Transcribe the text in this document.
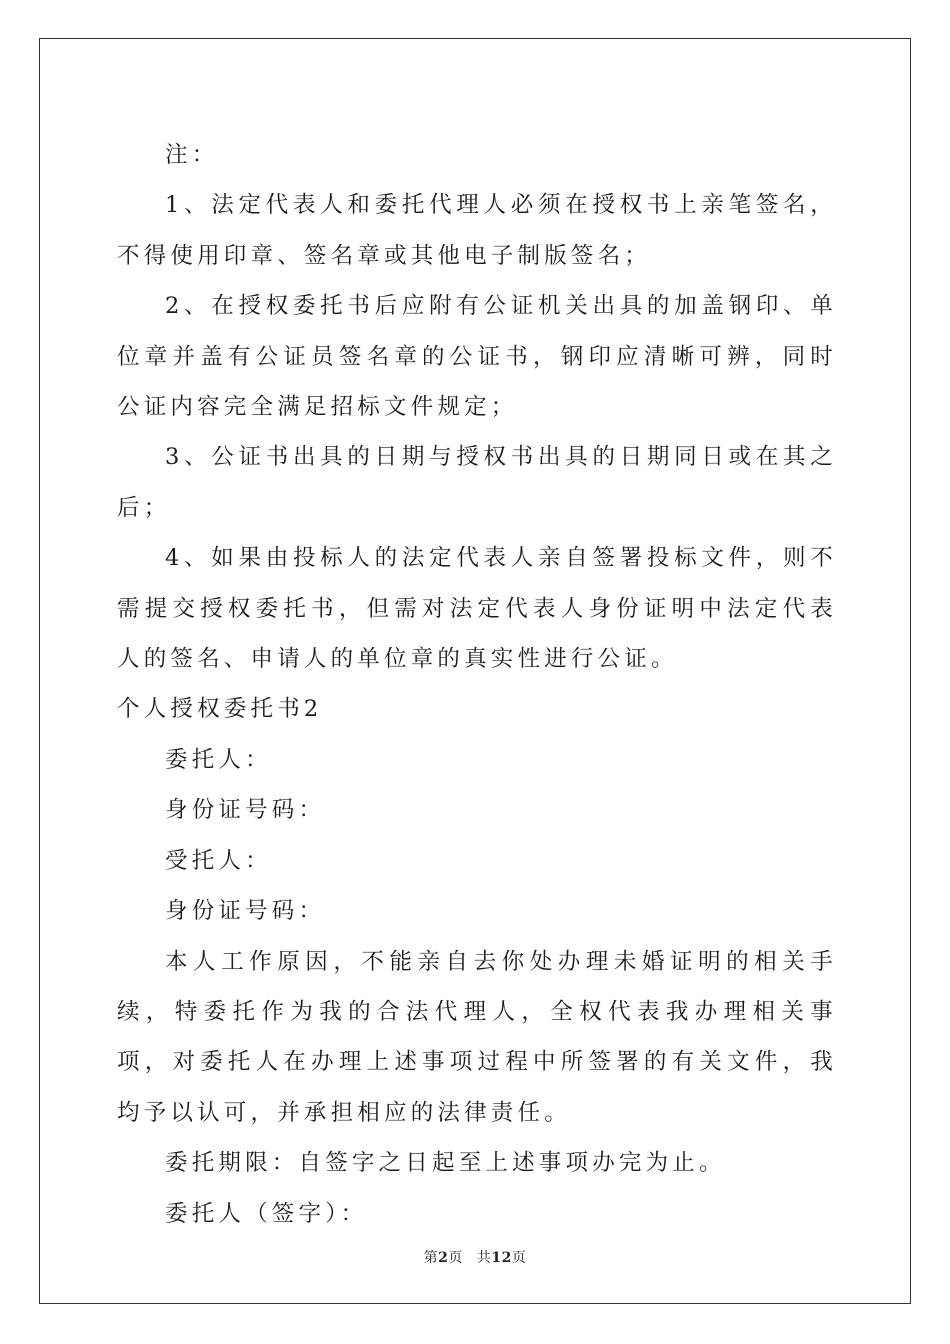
注：

1、法定代表人和委托代理人必须在授权书上亲笔签名，不得使用印章、签名章或其他电子制版签名；

2、在授权委托书后应附有公证机关出具的加盖钢印、单位章并盖有公证员签名章的公证书，钢印应清晰可辨，同时公证内容完全满足招标文件规定；

3、公证书出具的日期与授权书出具的日期同日或在其之后；

4、如果由投标人的法定代表人亲自签署投标文件，则不需提交授权委托书，但需对法定代表人身份证明中法定代表人的签名、申请人的单位章的真实性进行公证。

个人授权委托书2

委托人：

身份证号码：

受托人：

身份证号码：

本人工作原因，不能亲自去你处办理未婚证明的相关手续，特委托作为我的合法代理人，全权代表我办理相关事项，对委托人在办理上述事项过程中所签署的有关文件，我均予以认可，并承担相应的法律责任。

委托期限：自签字之日起至上述事项办完为止。

委托人（签字）：

第2页 共12页
